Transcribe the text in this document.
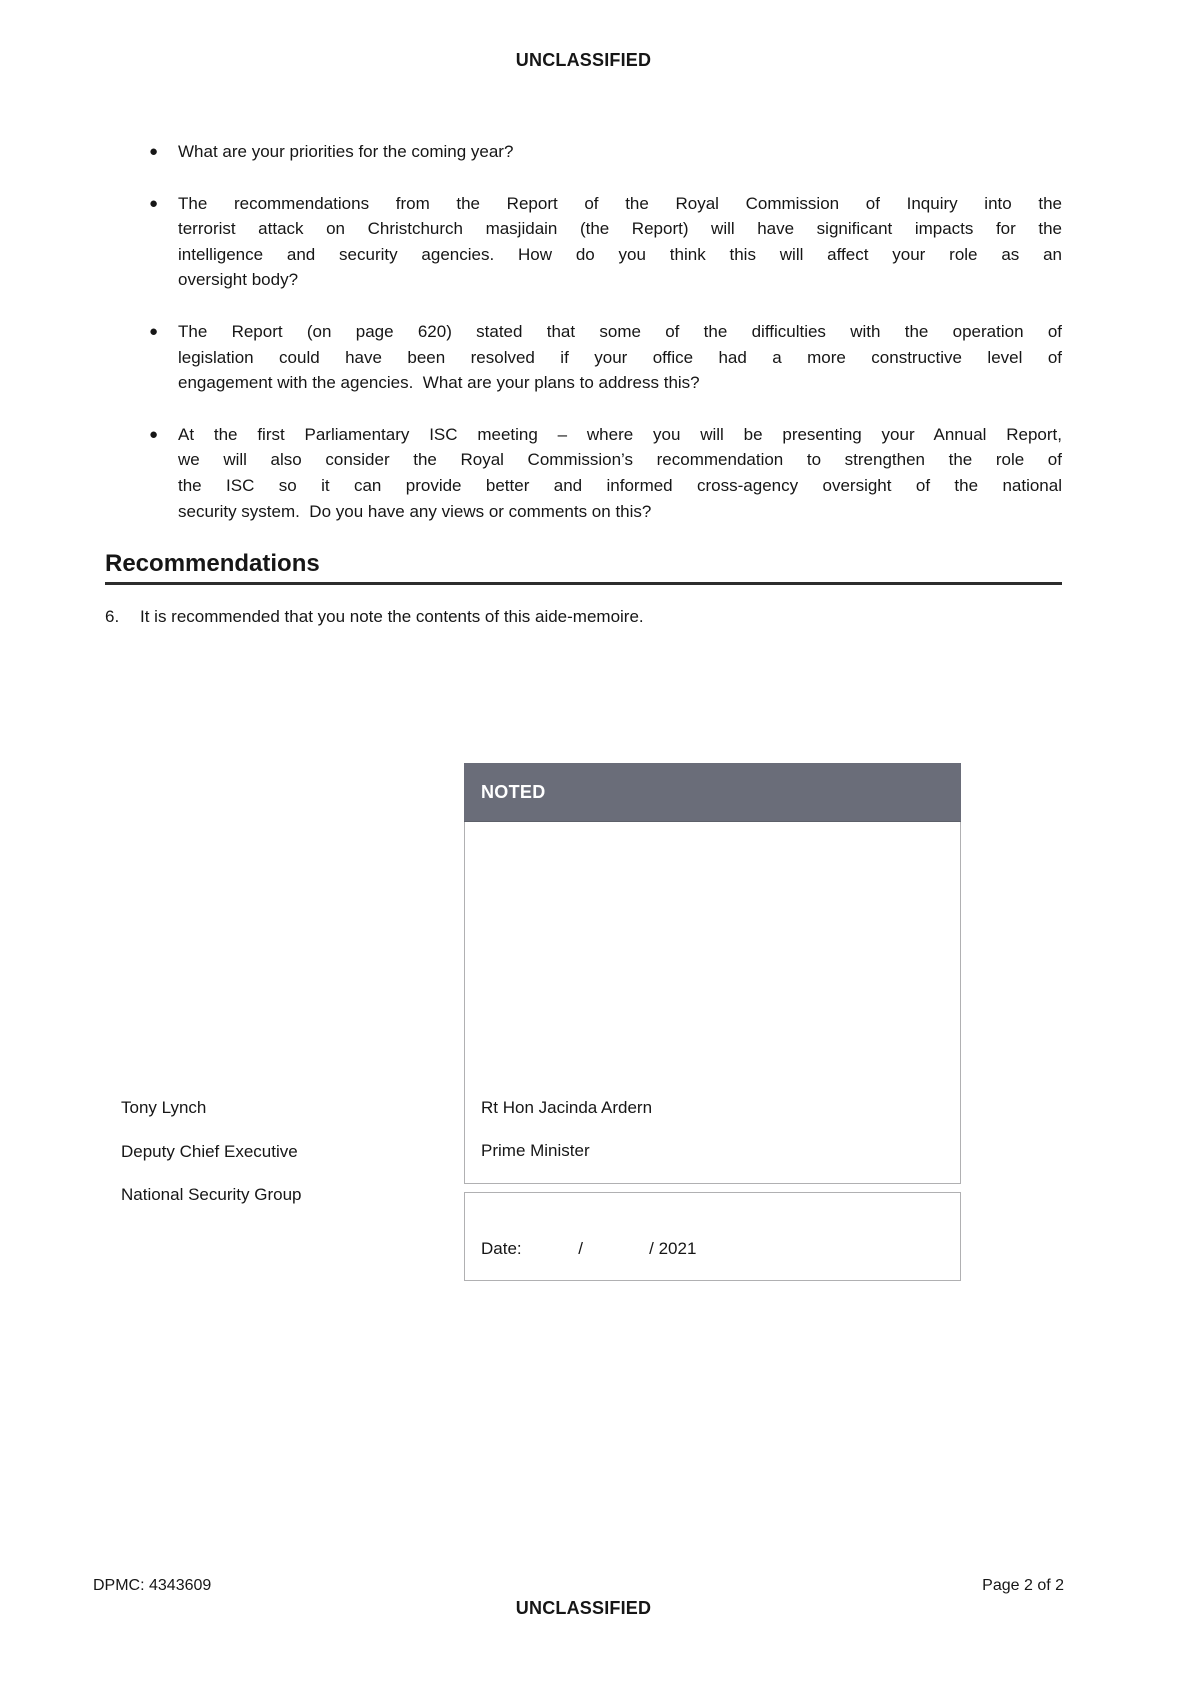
UNCLASSIFIED
●	What are your priorities for the coming year?
●	The recommendations from the Report of the Royal Commission of Inquiry into the
terrorist attack on Christchurch masjidain (the Report) will have significant impacts for the
intelligence and security agencies. How do you think this will affect your role as an
oversight body?
●	The Report (on page 620) stated that some of the difficulties with the operation of
legislation could have been resolved if your office had a more constructive level of
engagement with the agencies.  What are your plans to address this?
●	At the first Parliamentary ISC meeting – where you will be presenting your Annual Report,
we will also consider the Royal Commission’s recommendation to strengthen the role of
the ISC so it can provide better and informed cross-agency oversight of the national
security system.  Do you have any views or comments on this?
Recommendations
6.	It is recommended that you note the contents of this aide-memoire.
NOTED
Rt Hon Jacinda Ardern
Prime Minister
Date:            /              / 2021

Tony Lynch

Deputy Chief Executive

National Security Group

DPMC: 4343609	Page 2 of 2
UNCLASSIFIED
